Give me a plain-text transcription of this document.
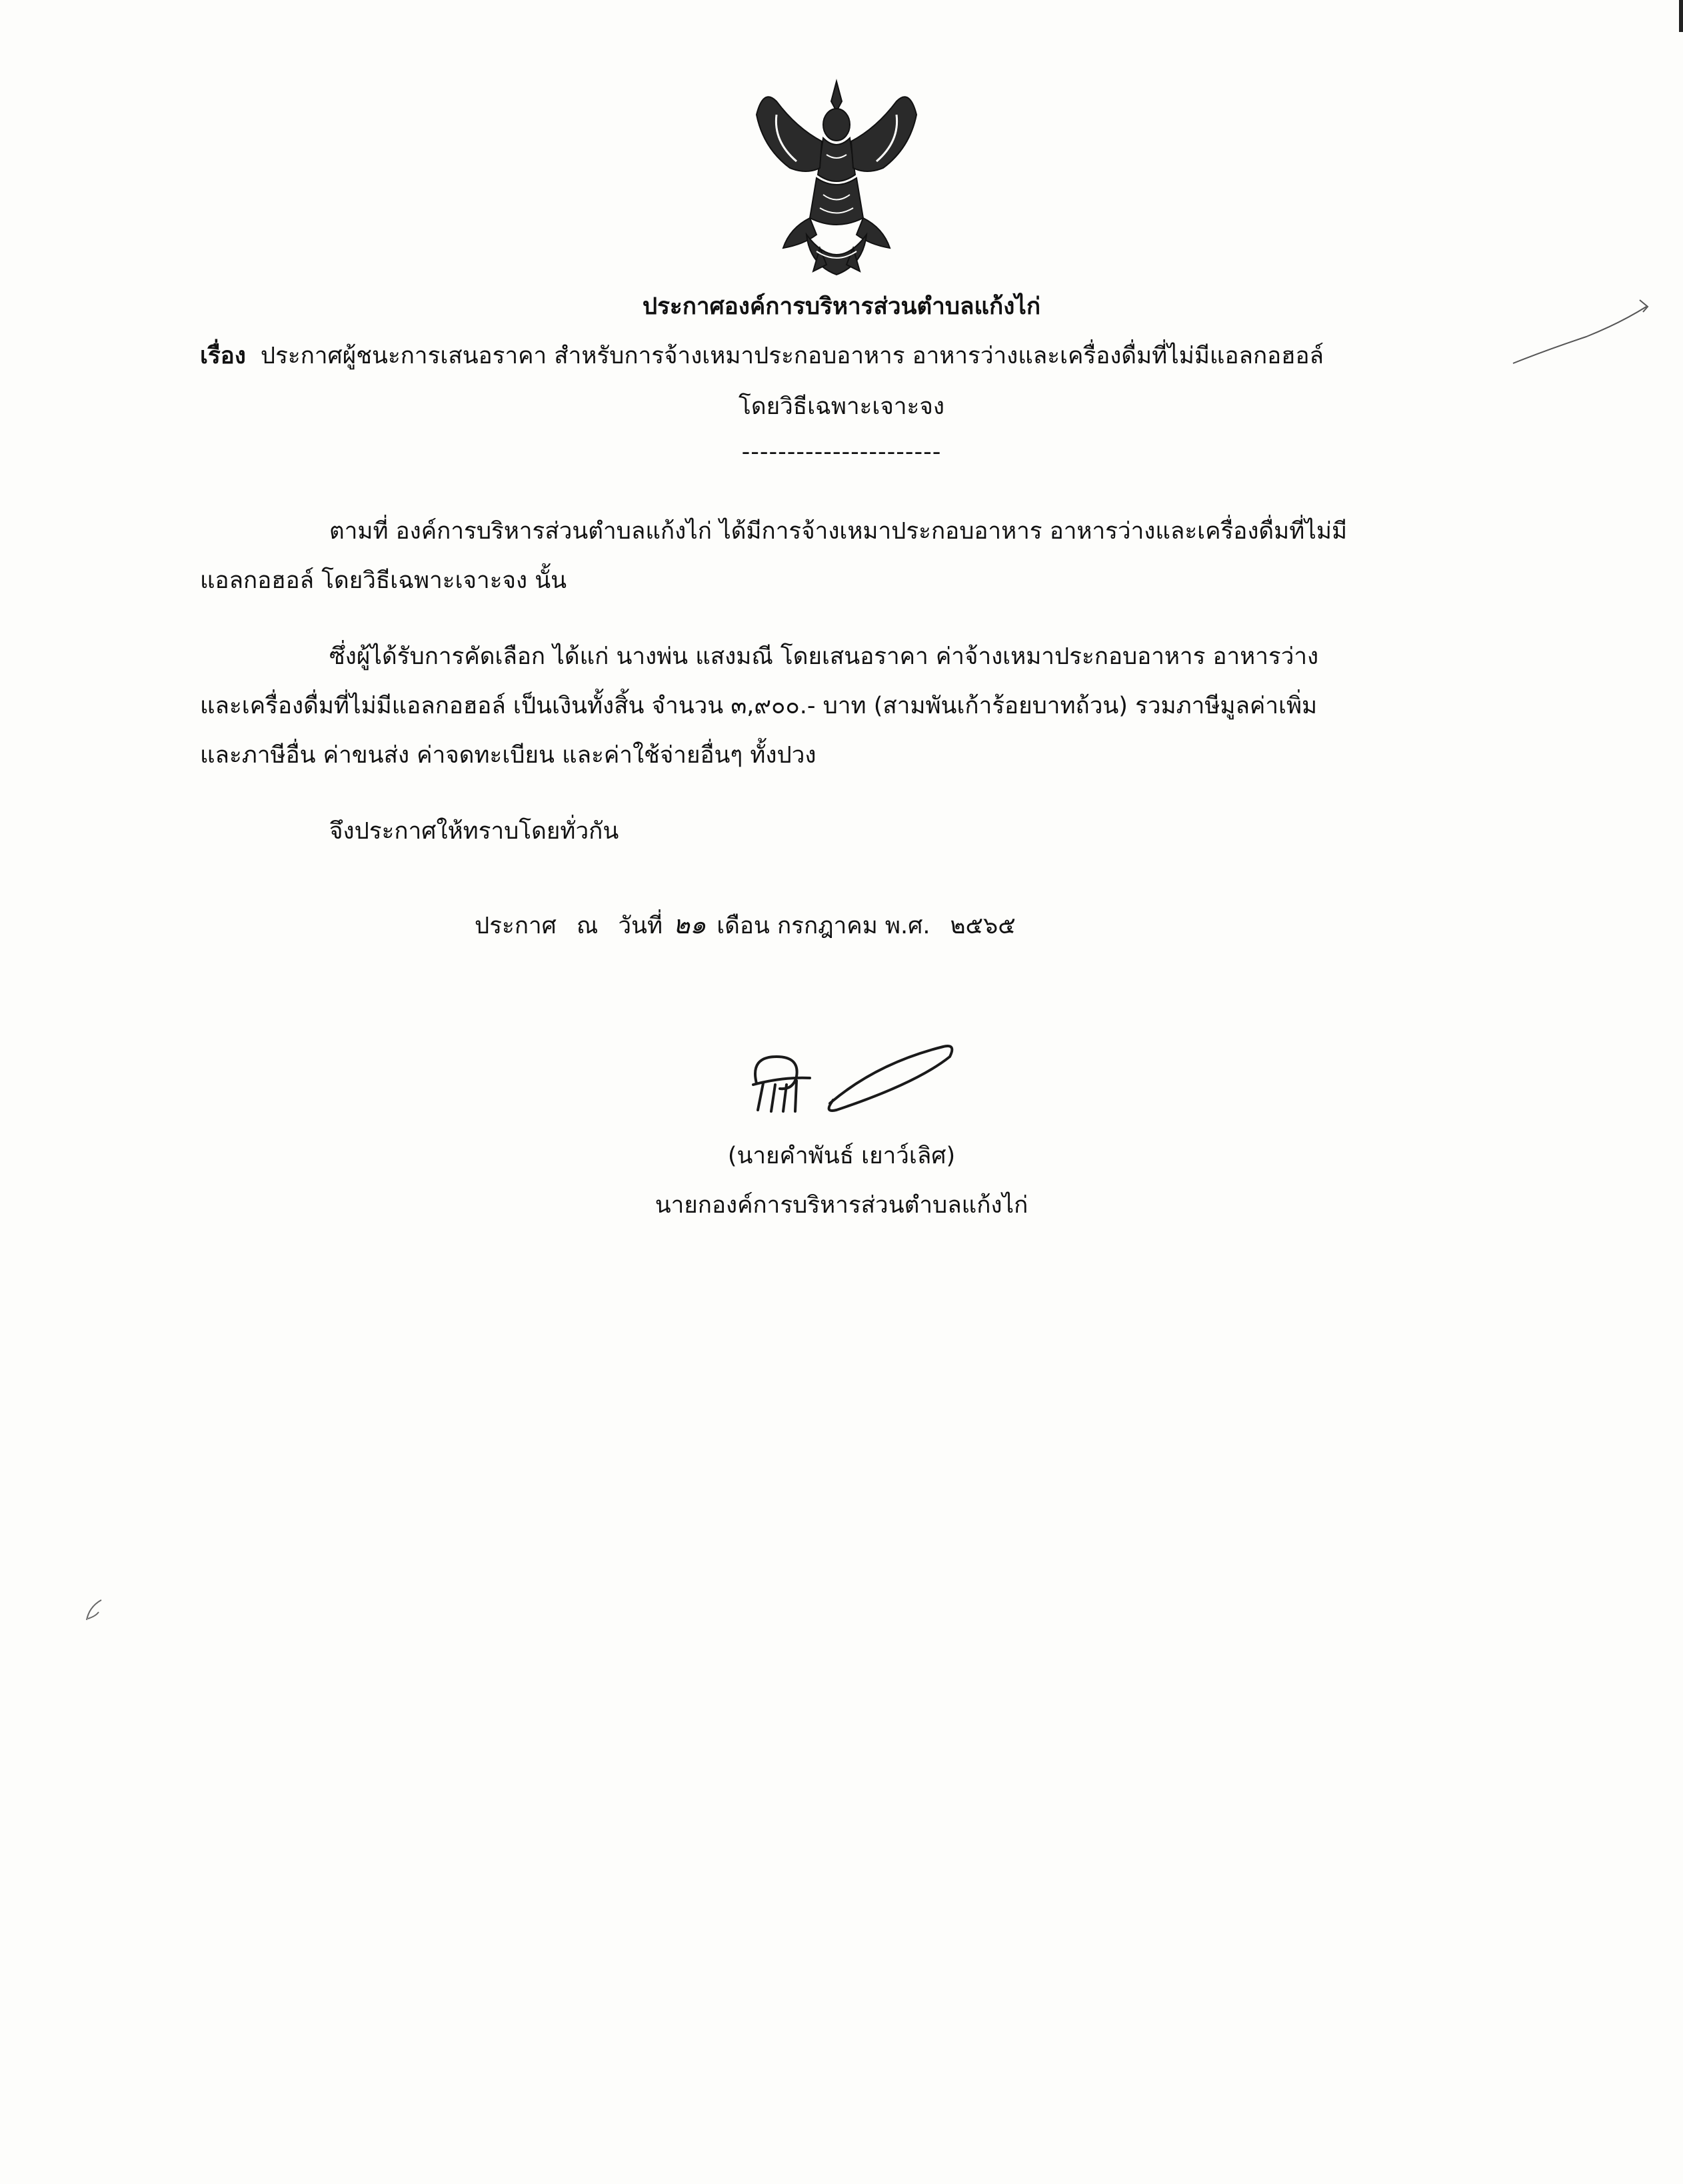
ประกาศองค์การบริหารส่วนตำบลแก้งไก่
เรื่อง ประกาศผู้ชนะการเสนอราคา สำหรับการจ้างเหมาประกอบอาหาร อาหารว่างและเครื่องดื่มที่ไม่มีแอลกอฮอล์
โดยวิธีเฉพาะเจาะจง
----------------------
ตามที่ องค์การบริหารส่วนตำบลแก้งไก่ ได้มีการจ้างเหมาประกอบอาหาร อาหารว่างและเครื่องดื่มที่ไม่มี
แอลกอฮอล์ โดยวิธีเฉพาะเจาะจง นั้น
ซึ่งผู้ได้รับการคัดเลือก ได้แก่ นางพ่น แสงมณี โดยเสนอราคา ค่าจ้างเหมาประกอบอาหาร อาหารว่าง
และเครื่องดื่มที่ไม่มีแอลกอฮอล์ เป็นเงินทั้งสิ้น จำนวน ๓,๙๐๐.- บาท (สามพันเก้าร้อยบาทถ้วน) รวมภาษีมูลค่าเพิ่ม
และภาษีอื่น ค่าขนส่ง ค่าจดทะเบียน และค่าใช้จ่ายอื่นๆ ทั้งปวง
จึงประกาศให้ทราบโดยทั่วกัน
ประกาศ ณ วันที่ ๒๑ เดือน กรกฎาคม พ.ศ. ๒๕๖๕
(นายคำพันธ์ เยาว์เลิศ)
นายกองค์การบริหารส่วนตำบลแก้งไก่
